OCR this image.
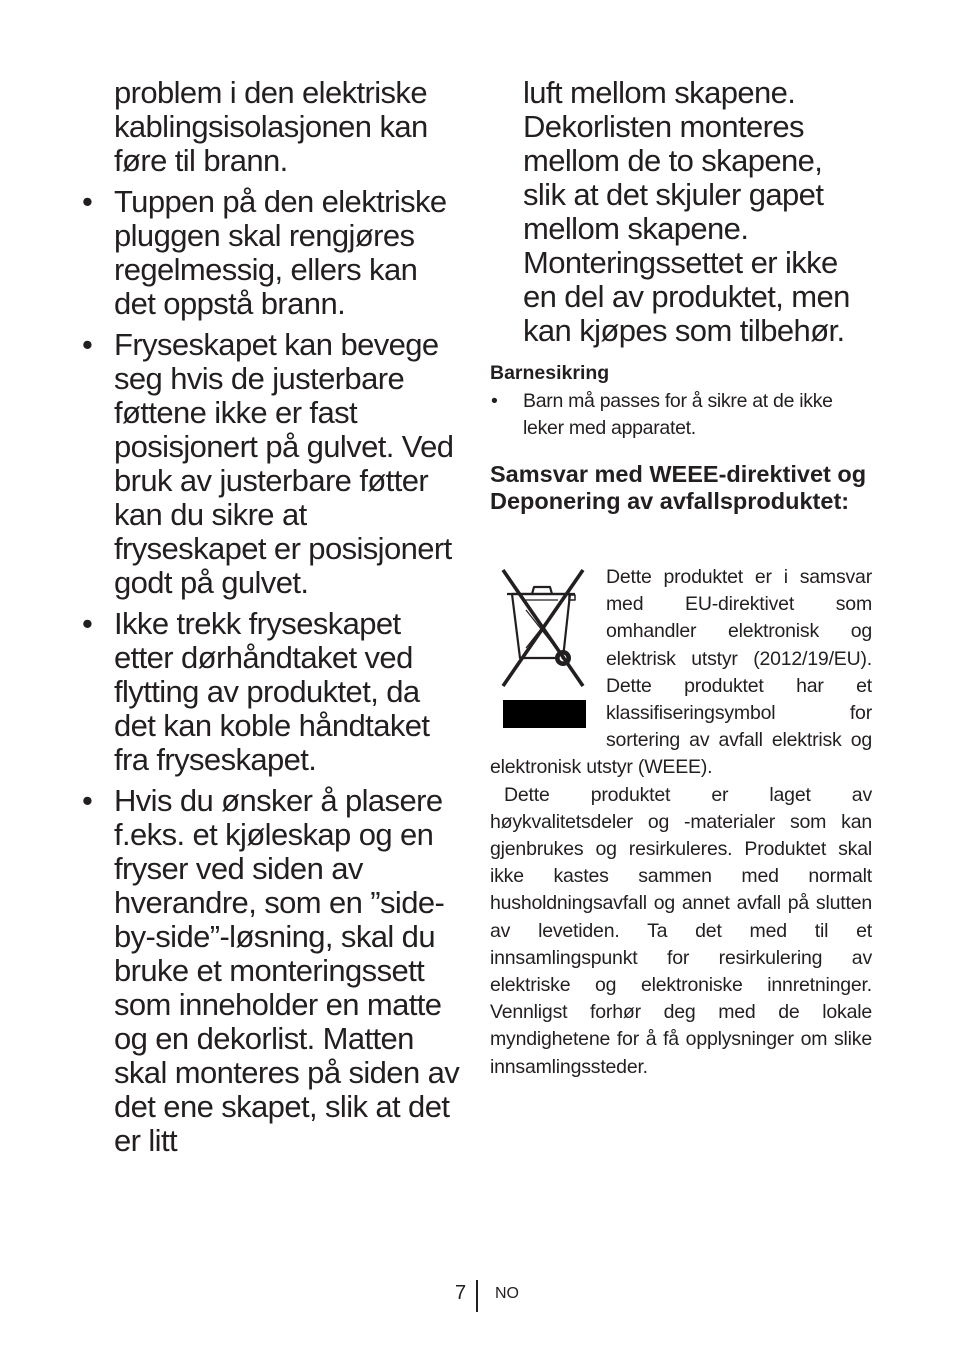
problem i den elektriske kablingsisolasjonen kan føre til brann.

• Tuppen på den elektriske pluggen skal rengjøres regelmessig, ellers kan det oppstå brann.
• Fryseskapet kan bevege seg hvis de justerbare føttene ikke er fast posisjonert på gulvet. Ved bruk av justerbare føtter kan du sikre at fryseskapet er posisjonert godt på gulvet.
• Ikke trekk fryseskapet etter dørhåndtaket ved flytting av produktet, da det kan koble håndtaket fra fryseskapet.
• Hvis du ønsker å plasere f.eks. et kjøleskap og en fryser ved siden av hverandre, som en ”side-by-side”-løsning, skal du bruke et monteringssett som inneholder en matte og en dekorlist. Matten skal monteres på siden av det ene skapet, slik at det er litt

luft mellom skapene. Dekorlisten monteres mellom de to skapene, slik at det skjuler gapet mellom skapene. Monteringssettet er ikke en del av produktet, men kan kjøpes som tilbehør.

Barnesikring
• Barn må passes for å sikre at de ikke leker med apparatet.
Samsvar med WEEE-direktivet og Deponering av avfallsproduktet:

Dette produktet er i samsvar med EU-direktivet som omhandler elektronisk og elektrisk utstyr (2012/19/EU). Dette produktet har et klassifiseringsymbol for sortering av avfall elektrisk og elektronisk utstyr (WEEE).

Dette produktet er laget av høykvalitetsdeler og -materialer som kan gjenbrukes og resirkuleres. Produktet skal ikke kastes sammen med normalt husholdningsavfall og annet avfall på slutten av levetiden. Ta det med til et innsamlingspunkt for resirkulering av elektriske og elektroniske innretninger. Vennligst forhør deg med de lokale myndighetene for å få opplysninger om slike innsamlingssteder.

7 NO
